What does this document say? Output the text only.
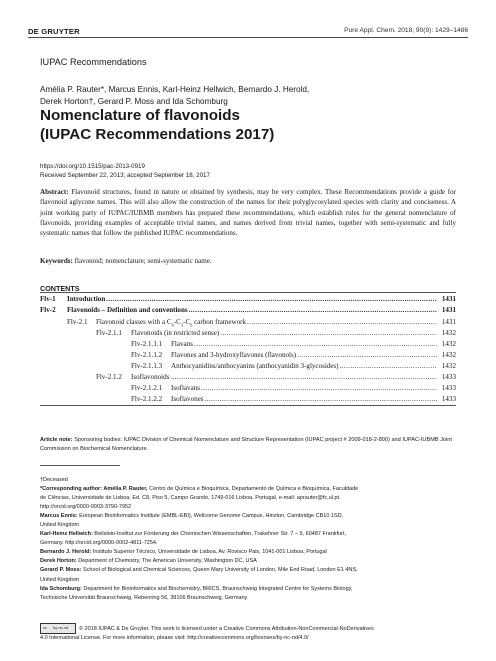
DE GRUYTER	Pure Appl. Chem. 2018; 90(9): 1429–1486
IUPAC Recommendations
Amélia P. Rauter*, Marcus Ennis, Karl-Heinz Hellwich, Bernardo J. Herold,
Derek Horton†, Gerard P. Moss and Ida Schomburg
Nomenclature of flavonoids
(IUPAC Recommendations 2017)
https://doi.org/10.1515/pac-2013-0919
Received September 22, 2013; accepted September 18, 2017

Abstract: Flavonoid structures, found in nature or obtained by synthesis, may be very complex. These Recommendations provide a guide for flavonoid aglycone names. This will also allow the construction of the names for their polyglycosylated species with clarity and conciseness. A joint working party of IUPAC/IUBMB members has prepared these recommendations, which establish rules for the general nomenclature of flavonoids, providing examples of acceptable trivial names, and names derived from trivial names, together with semi-systematic and fully systematic names that follow the published IUPAC recommendations.

Keywords: flavonoid; nomenclature; semi-systematic name.

CONTENTS
Flv-1	Introduction .....	1431
Flv-2	Flavonoids – Definition and conventions .....	1431
Flv-2.1	Flavonoid classes with a $C_6-C_3-C_6$ carbon framework .....	1431
Flv-2.1.1	Flavonoids (in restricted sense) .....	1432
Flv-2.1.1.1	Flavans .....	1432
Flv-2.1.1.2	Flavones and 3-hydroxyflavones (flavonols) .....	1432
Flv-2.1.1.3	Anthocyanidins/anthocyanins (anthocyanidin 3-glycosides) .....	1432
Flv-2.1.2	Isoflavonoids .....	1433
Flv-2.1.2.1	Isoflavans .....	1433
Flv-2.1.2.2	Isoflavones .....	1433

Article note: Sponsoring bodies: IUPAC Division of Chemical Nomenclature and Structure Representation (IUPAC project # 2009-018-2-800) and IUPAC-IUBMB Joint Commission on Biochemical Nomenclature.

†Deceased
*Corresponding author: Amélia P. Rauter, Centro de Química e Bioquímica, Departamento de Química e Bioquímica, Faculdade
de Ciências, Universidade de Lisboa, Ed. C8, Piso 5, Campo Grande, 1749-016 Lisboa, Portugal, e-mail: aprauter@fc.ul.pt.
http://orcid.org/0000-0003-3790-7952
Marcus Ennis: European Bioinformatics Institute (EMBL-EBI), Wellcome Genome Campus, Hinxton, Cambridge CB10 1SD,
United Kingdom
Karl-Heinz Hellwich: Beilstein-Institut zur Förderung der Chemischen Wissenschaften, Trakehner Str. 7 – 9, 60487 Frankfurt,
Germany. http://orcid.org/0000-0002-4811-7254.
Bernardo J. Herold: Instituto Superior Técnico, Universidade de Lisboa, Av. Rovisco Pais, 1041-001 Lisboa, Portugal
Derek Horton: Department of Chemistry, The American University, Washington DC, USA
Gerard P. Moss: School of Biological and Chemical Sciences, Queen Mary University of London, Mile End Road, London E1 4NS,
United Kingdom
Ida Schomburg: Department for Bioinformatics and Biochemistry, BRICS, Braunschweig Integrated Centre for Systems Biology,
Technische Universität Braunschweig, Rebenring 56, 38106 Braunschweig, Germany
cc by nc nd © 2018 IUPAC & De Gruyter. This work is licensed under a Creative Commons Attribution-NonCommercial-NoDerivatives
4.0 International License. For more information, please visit: http://creativecommons.org/licenses/by-nc-nd/4.0/
